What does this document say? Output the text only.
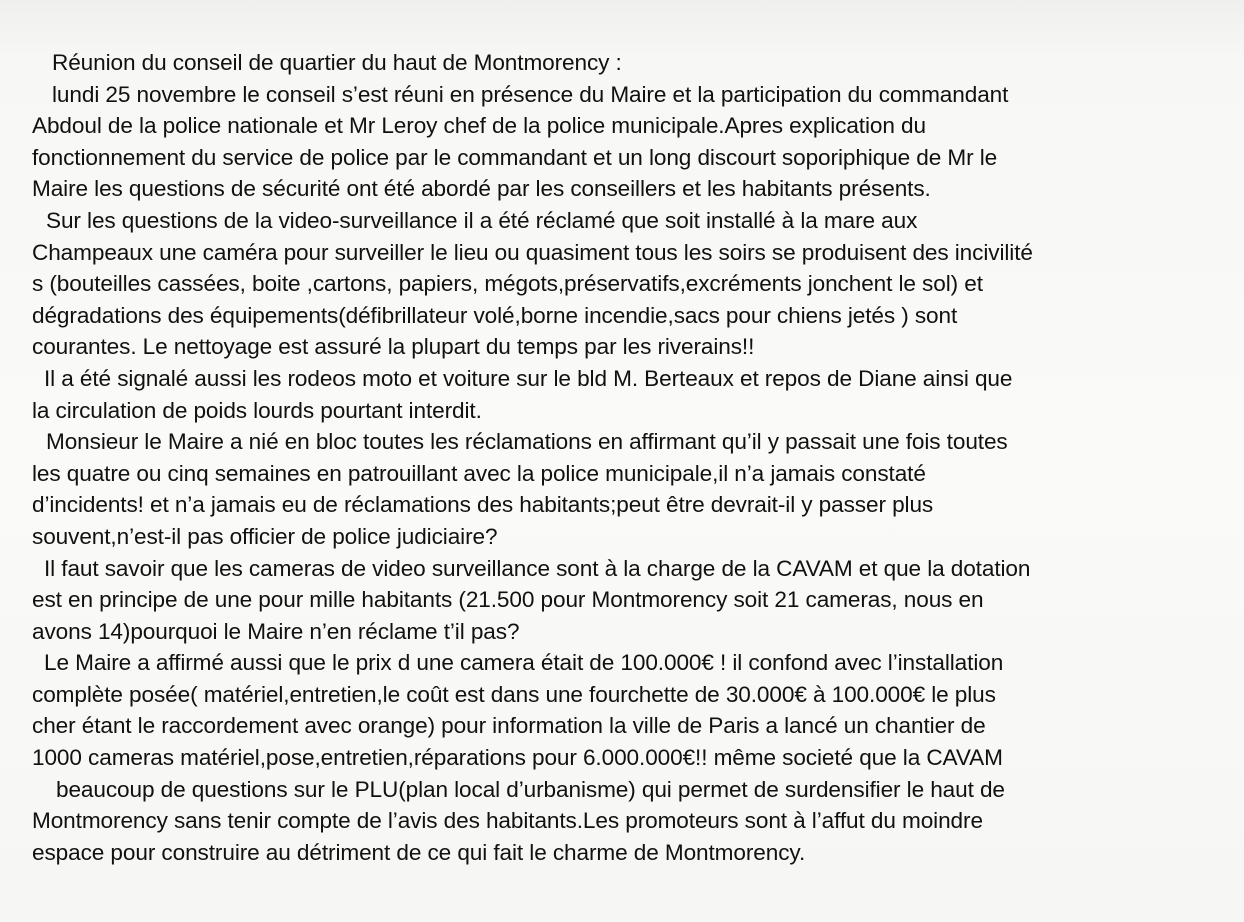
Réunion du conseil de quartier du haut de Montmorency :
lundi 25 novembre le conseil s’est réuni en présence du Maire et la participation du commandant
Abdoul de la police nationale et Mr Leroy chef de la police municipale.Apres explication du
fonctionnement du service de police par le commandant et un long discourt soporiphique de Mr le
Maire les questions de sécurité ont été abordé par les conseillers et les habitants présents.
Sur les questions de la video-surveillance il a été réclamé que soit installé à la mare aux
Champeaux une caméra pour surveiller le lieu ou quasiment tous les soirs se produisent des incivilité
s (bouteilles cassées, boite ,cartons, papiers, mégots,préservatifs,excréments jonchent le sol) et
dégradations des équipements(défibrillateur volé,borne incendie,sacs pour chiens jetés ) sont
courantes. Le nettoyage est assuré la plupart du temps par les riverains!!
Il a été signalé aussi les rodeos moto et voiture sur le bld M. Berteaux et repos de Diane ainsi que
la circulation de poids lourds pourtant interdit.
Monsieur le Maire a nié en bloc toutes les réclamations en affirmant qu’il y passait une fois toutes
les quatre ou cinq semaines en patrouillant avec la police municipale,il n’a jamais constaté
d’incidents! et n’a jamais eu de réclamations des habitants;peut être devrait-il y passer plus
souvent,n’est-il pas officier de police judiciaire?
Il faut savoir que les cameras de video surveillance sont à la charge de la CAVAM et que la dotation
est en principe de une pour mille habitants (21.500 pour Montmorency soit 21 cameras, nous en
avons 14)pourquoi le Maire n’en réclame t’il pas?
Le Maire a affirmé aussi que le prix d une camera était de 100.000€ ! il confond avec l’installation
complète posée( matériel,entretien,le coût est dans une fourchette de 30.000€ à 100.000€ le plus
cher étant le raccordement avec orange) pour information la ville de Paris a lancé un chantier de
1000 cameras matériel,pose,entretien,réparations pour 6.000.000€!! même societé que la CAVAM
beaucoup de questions sur le PLU(plan local d’urbanisme) qui permet de surdensifier le haut de
Montmorency sans tenir compte de l’avis des habitants.Les promoteurs sont à l’affut du moindre
espace pour construire au détriment de ce qui fait le charme de Montmorency.
